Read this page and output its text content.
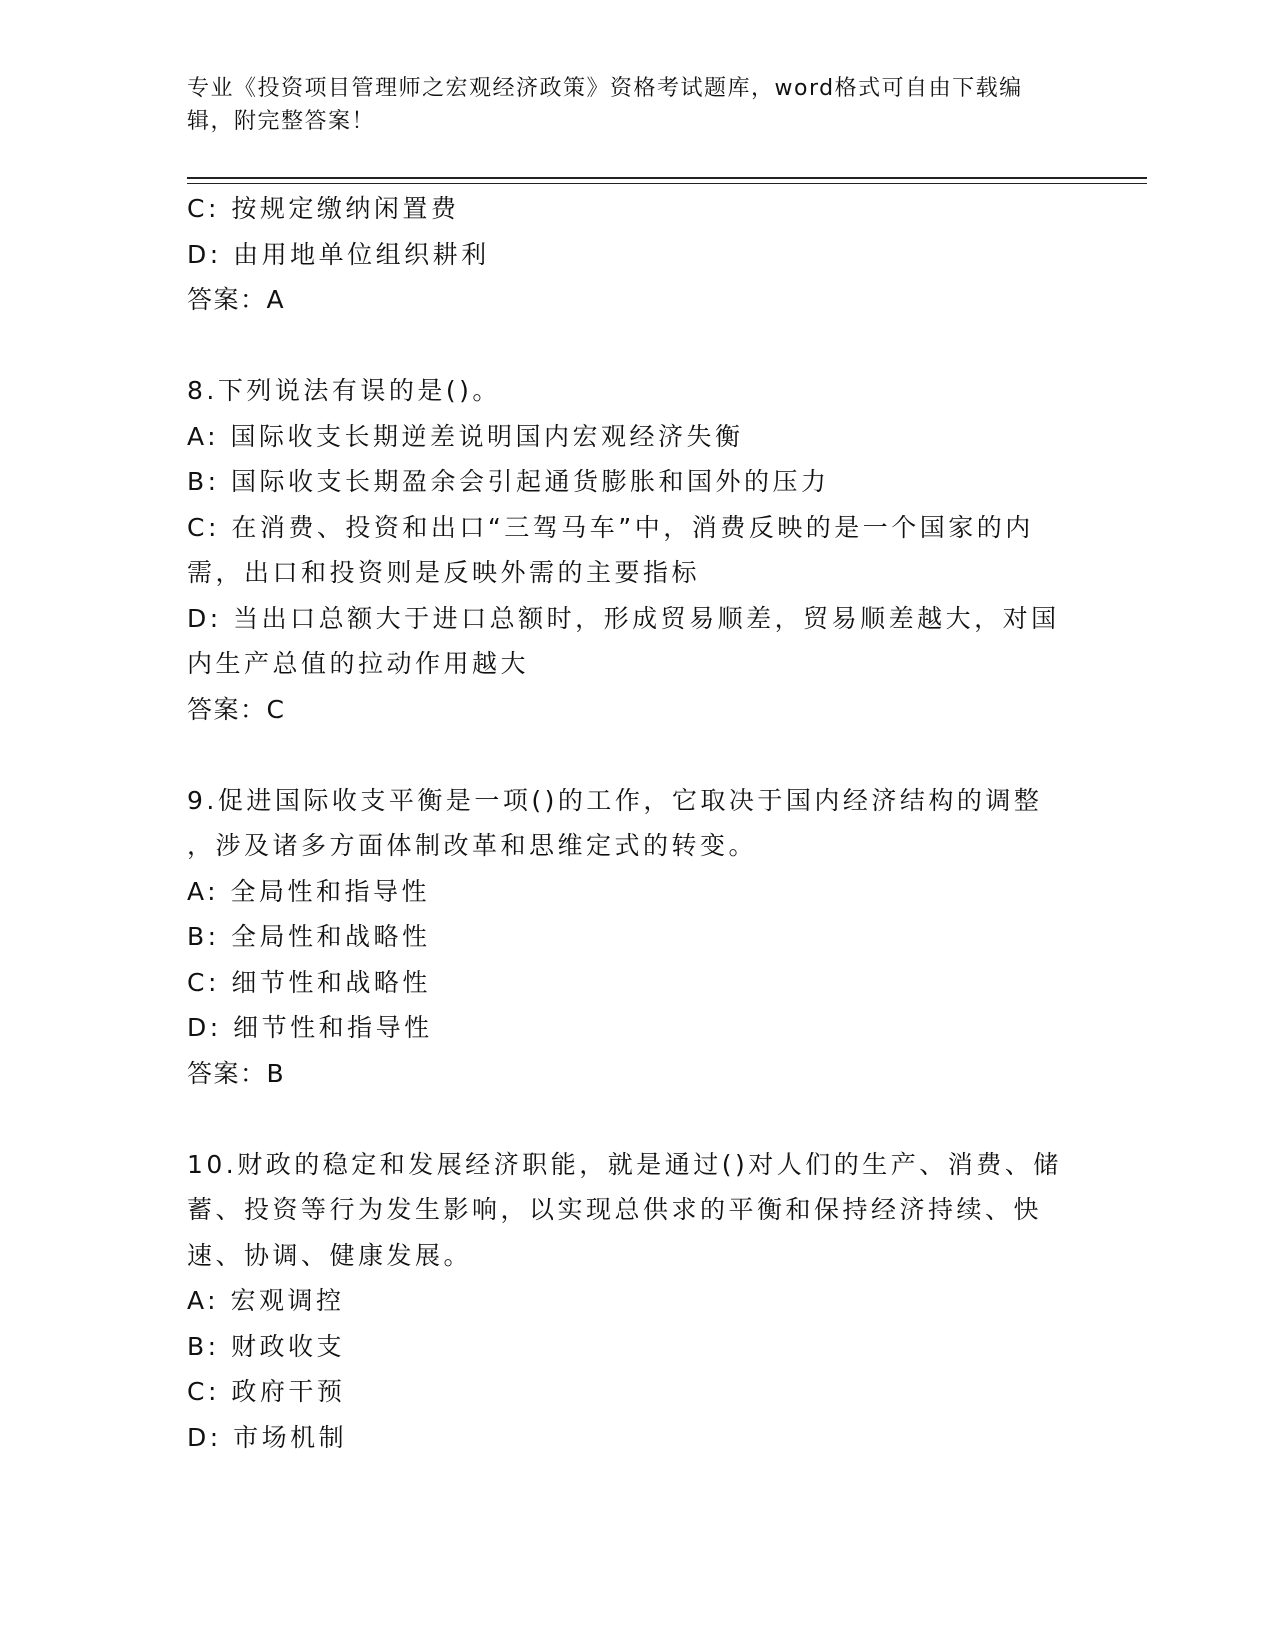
专业《投资项目管理师之宏观经济政策》资格考试题库，word格式可自由下载编辑，附完整答案！
C: 按规定缴纳闲置费
D: 由用地单位组织耕利
答案：A
8.下列说法有误的是()。
A: 国际收支长期逆差说明国内宏观经济失衡
B: 国际收支长期盈余会引起通货膨胀和国外的压力
C: 在消费、投资和出口“三驾马车”中，消费反映的是一个国家的内
需，出口和投资则是反映外需的主要指标
D: 当出口总额大于进口总额时，形成贸易顺差，贸易顺差越大，对国
内生产总值的拉动作用越大
答案：C
9.促进国际收支平衡是一项()的工作，它取决于国内经济结构的调整
，涉及诸多方面体制改革和思维定式的转变。
A: 全局性和指导性
B: 全局性和战略性
C: 细节性和战略性
D: 细节性和指导性
答案：B
10.财政的稳定和发展经济职能，就是通过()对人们的生产、消费、储
蓄、投资等行为发生影响，以实现总供求的平衡和保持经济持续、快
速、协调、健康发展。
A: 宏观调控
B: 财政收支
C: 政府干预
D: 市场机制
